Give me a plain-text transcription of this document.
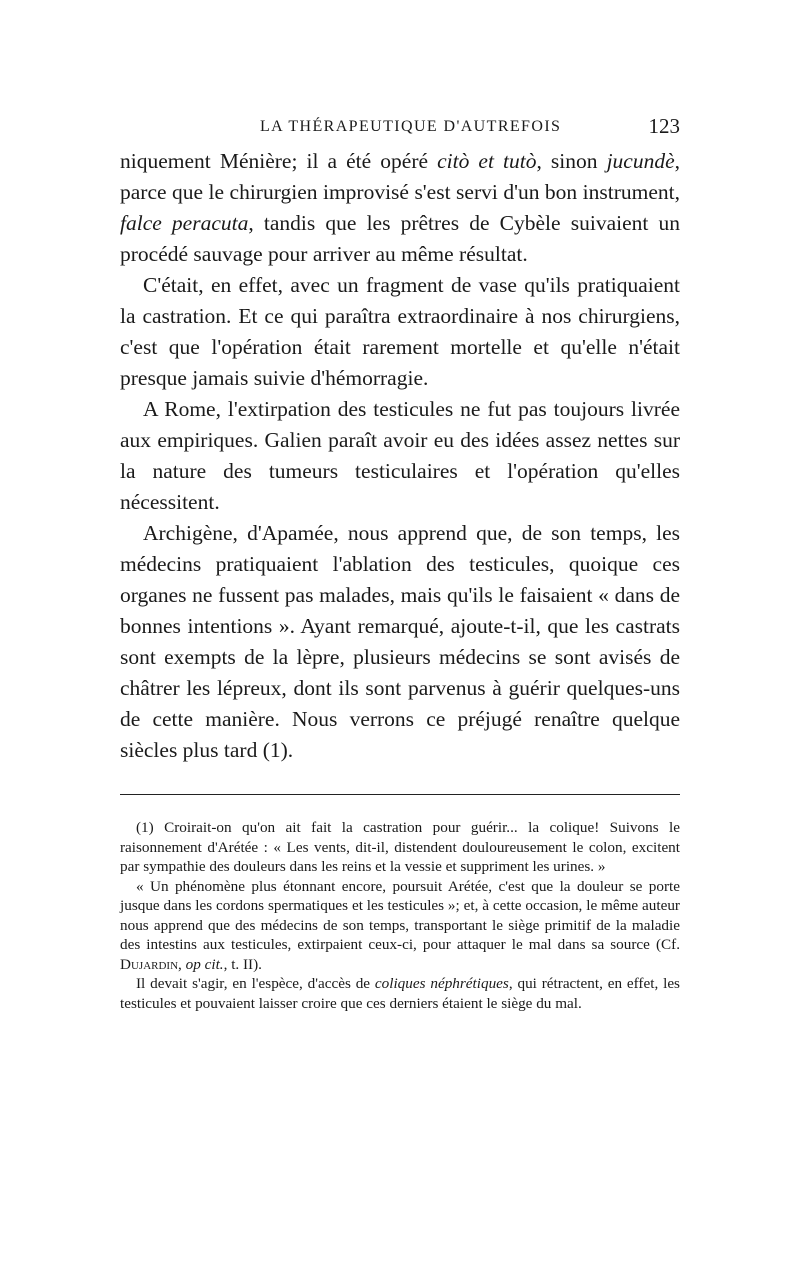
LA THÉRAPEUTIQUE D'AUTREFOIS	123

niquement Ménière; il a été opéré citò et tutò, sinon jucundè, parce que le chirurgien improvisé s'est servi d'un bon instrument, falce peracuta, tandis que les prêtres de Cybèle suivaient un procédé sauvage pour arriver au même résultat.

C'était, en effet, avec un fragment de vase qu'ils pratiquaient la castration. Et ce qui paraîtra extraordinaire à nos chirurgiens, c'est que l'opération était rarement mortelle et qu'elle n'était presque jamais suivie d'hémorragie.

A Rome, l'extirpation des testicules ne fut pas toujours livrée aux empiriques. Galien paraît avoir eu des idées assez nettes sur la nature des tumeurs testiculaires et l'opération qu'elles nécessitent.

Archigène, d'Apamée, nous apprend que, de son temps, les médecins pratiquaient l'ablation des testicules, quoique ces organes ne fussent pas malades, mais qu'ils le faisaient « dans de bonnes intentions ». Ayant remarqué, ajoute-t-il, que les castrats sont exempts de la lèpre, plusieurs médecins se sont avisés de châtrer les lépreux, dont ils sont parvenus à guérir quelques-uns de cette manière. Nous verrons ce préjugé renaître quelque siècles plus tard (1).

(1) Croirait-on qu'on ait fait la castration pour guérir... la colique! Suivons le raisonnement d'Arétée : « Les vents, dit-il, distendent douloureusement le colon, excitent par sympathie des douleurs dans les reins et la vessie et suppriment les urines. »

« Un phénomène plus étonnant encore, poursuit Arétée, c'est que la douleur se porte jusque dans les cordons spermatiques et les testicules »; et, à cette occasion, le même auteur nous apprend que des médecins de son temps, transportant le siège primitif de la maladie des intestins aux testicules, extirpaient ceux-ci, pour attaquer le mal dans sa source (Cf. Dujardin, op cit., t. II).

Il devait s'agir, en l'espèce, d'accès de coliques néphrétiques, qui rétractent, en effet, les testicules et pouvaient laisser croire que ces derniers étaient le siège du mal.
